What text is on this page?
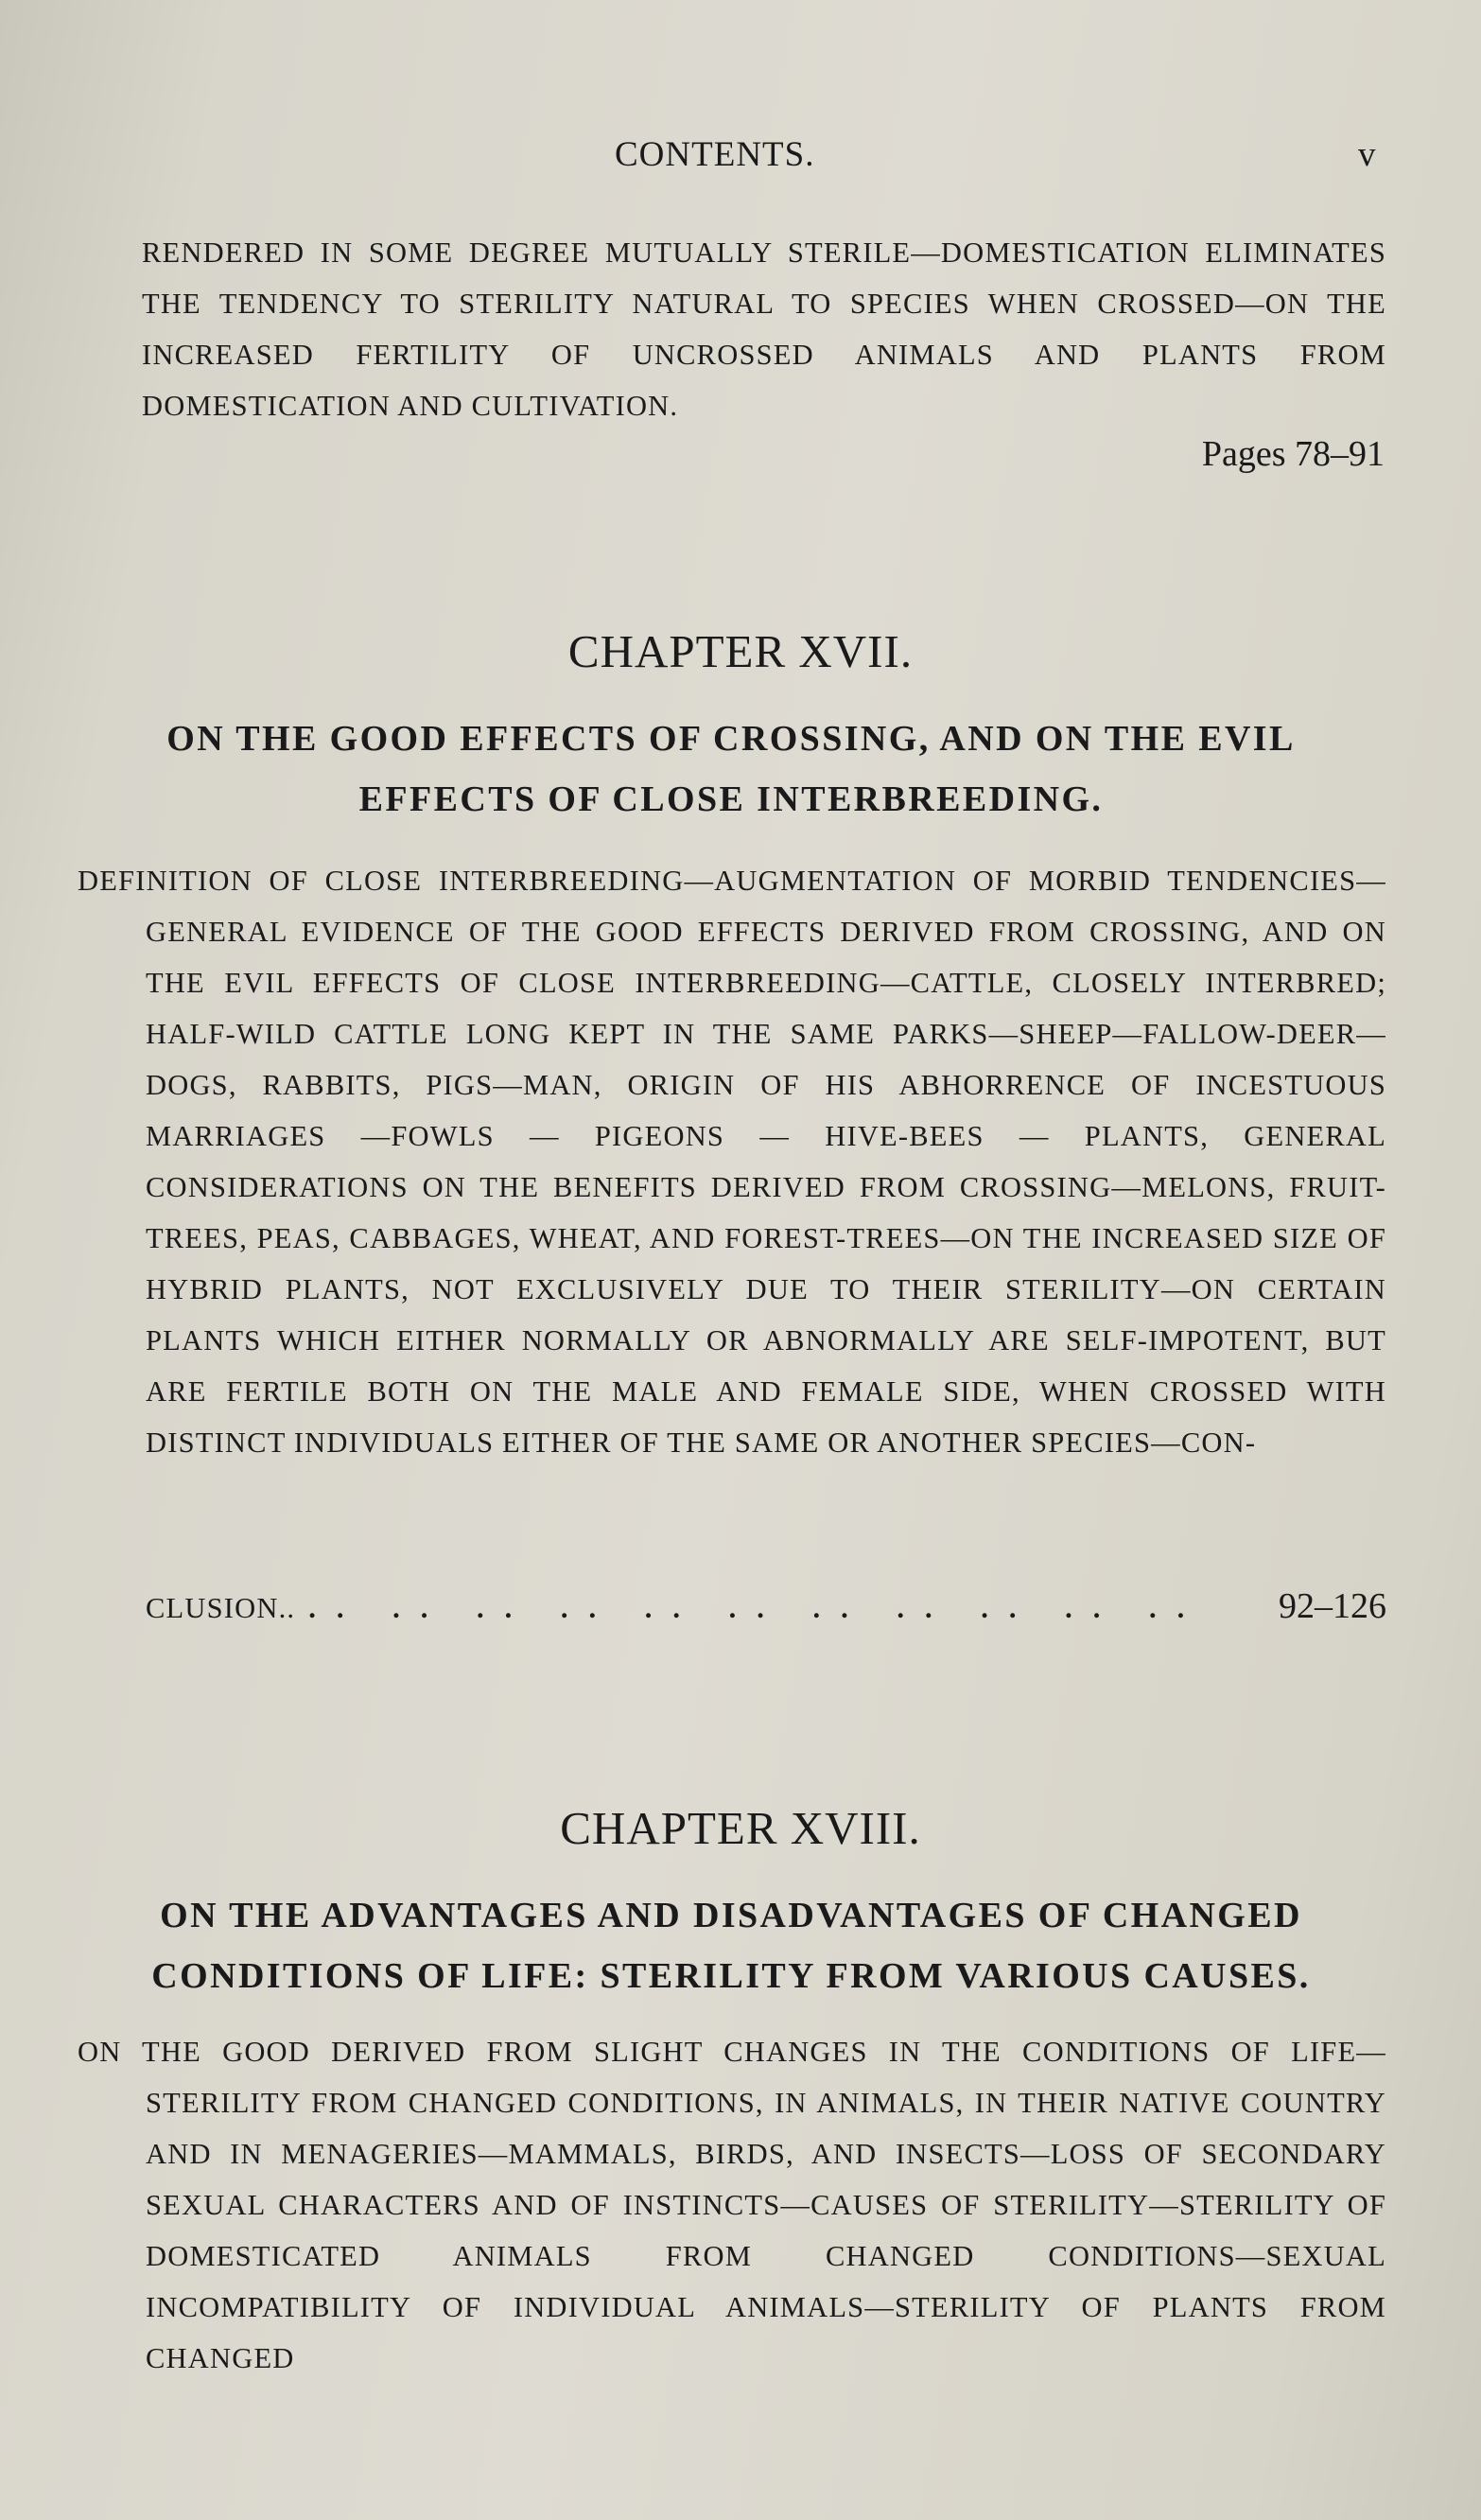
CONTENTS.	v

RENDERED IN SOME DEGREE MUTUALLY STERILE—DOMESTICATION ELIMINATES THE TENDENCY TO STERILITY NATURAL TO SPECIES WHEN CROSSED—ON THE INCREASED FERTILITY OF UNCROSSED ANIMALS AND PLANTS FROM DOMESTICATION AND CULTIVATION.

Pages 78–91
CHAPTER XVII.
ON THE GOOD EFFECTS OF CROSSING, AND ON THE EVIL EFFECTS OF CLOSE INTERBREEDING.

DEFINITION OF CLOSE INTERBREEDING—AUGMENTATION OF MORBID TENDENCIES—GENERAL EVIDENCE OF THE GOOD EFFECTS DERIVED FROM CROSSING, AND ON THE EVIL EFFECTS OF CLOSE INTERBREEDING—CATTLE, CLOSELY INTERBRED; HALF-WILD CATTLE LONG KEPT IN THE SAME PARKS—SHEEP—FALLOW-DEER—DOGS, RABBITS, PIGS—MAN, ORIGIN OF HIS ABHORRENCE OF INCESTUOUS MARRIAGES —FOWLS — PIGEONS — HIVE-BEES — PLANTS, GENERAL CONSIDERATIONS ON THE BENEFITS DERIVED FROM CROSSING—MELONS, FRUIT-TREES, PEAS, CABBAGES, WHEAT, AND FOREST-TREES—ON THE INCREASED SIZE OF HYBRID PLANTS, NOT EXCLUSIVELY DUE TO THEIR STERILITY—ON CERTAIN PLANTS WHICH EITHER NORMALLY OR ABNORMALLY ARE SELF-IMPOTENT, BUT ARE FERTILE BOTH ON THE MALE AND FEMALE SIDE, WHEN CROSSED WITH DISTINCT INDIVIDUALS EITHER OF THE SAME OR ANOTHER SPECIES—CON-

CLUSION.. .. .. .. .. .. .. .. .. .. .. ..	92–126
CHAPTER XVIII.
ON THE ADVANTAGES AND DISADVANTAGES OF CHANGED CONDITIONS OF LIFE: STERILITY FROM VARIOUS CAUSES.

ON THE GOOD DERIVED FROM SLIGHT CHANGES IN THE CONDITIONS OF LIFE—STERILITY FROM CHANGED CONDITIONS, IN ANIMALS, IN THEIR NATIVE COUNTRY AND IN MENAGERIES—MAMMALS, BIRDS, AND INSECTS—LOSS OF SECONDARY SEXUAL CHARACTERS AND OF INSTINCTS—CAUSES OF STERILITY—STERILITY OF DOMESTICATED ANIMALS FROM CHANGED CONDITIONS—SEXUAL INCOMPATIBILITY OF INDIVIDUAL ANIMALS—STERILITY OF PLANTS FROM CHANGED
